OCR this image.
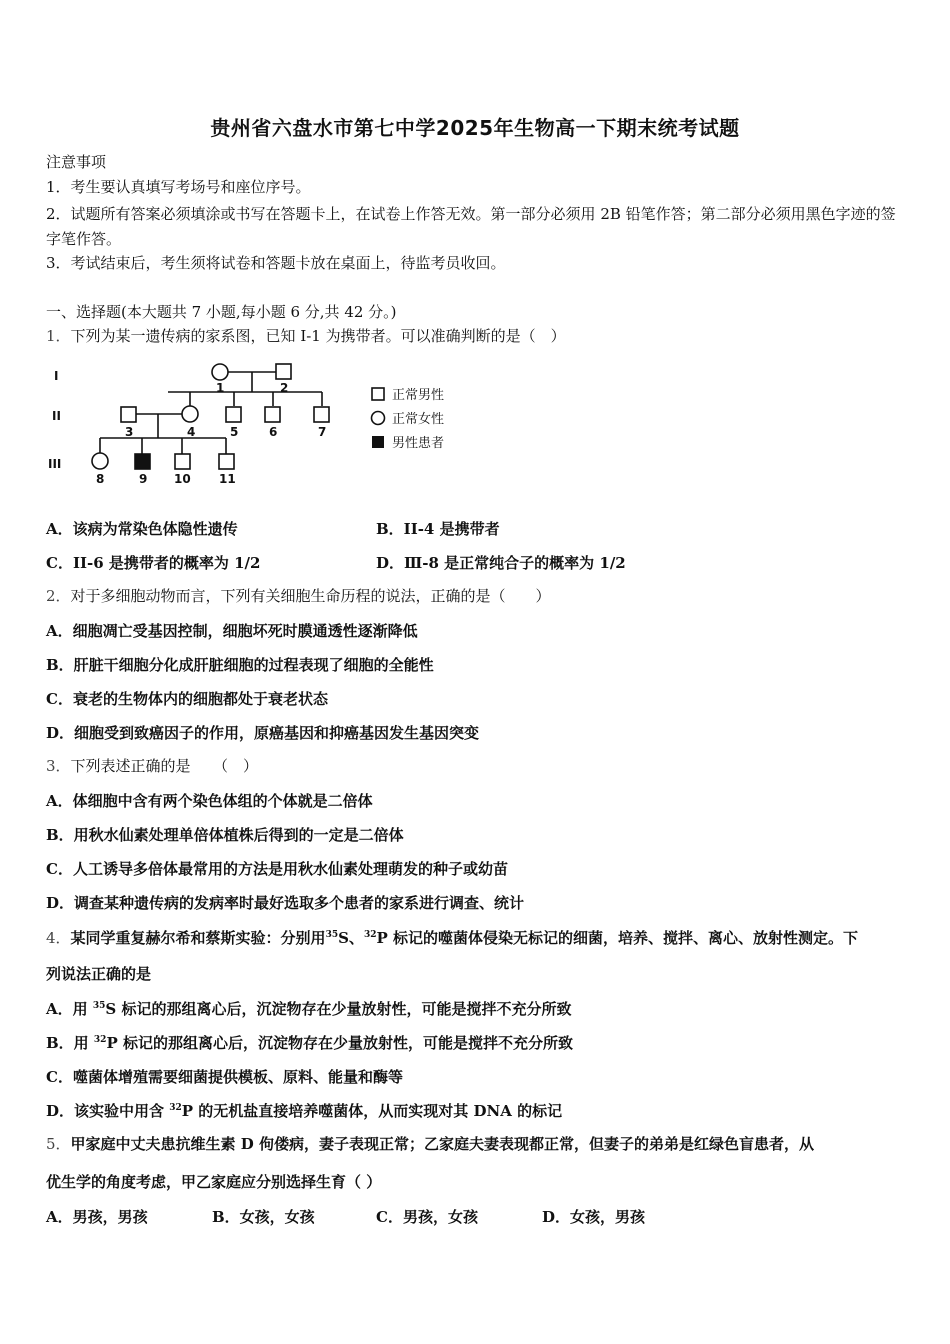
贵州省六盘水市第七中学2025年生物高一下期末统考试题
注意事项
1．考生要认真填写考场号和座位序号。
2．试题所有答案必须填涂或书写在答题卡上，在试卷上作答无效。第一部分必须用 2B 铅笔作答；第二部分必须用黑色字迹的签字笔作答。
3．考试结束后，考生须将试卷和答题卡放在桌面上，待监考员收回。
一、选择题(本大题共 7 小题,每小题 6 分,共 42 分。)
1．下列为某一遗传病的家系图，已知 I-1 为携带者。可以准确判断的是（　）
I
II
III
1	2
3	4	5	6	7
8	9 10 11
正常男性
正常女性
男性患者
A．该病为常染色体隐性遗传	B．II-4 是携带者
C．II-6 是携带者的概率为 1/2	D．Ⅲ-8 是正常纯合子的概率为 1/2
2．对于多细胞动物而言，下列有关细胞生命历程的说法，正确的是（　　）
A．细胞凋亡受基因控制，细胞坏死时膜通透性逐渐降低
B．肝脏干细胞分化成肝脏细胞的过程表现了细胞的全能性
C．衰老的生物体内的细胞都处于衰老状态
D．细胞受到致癌因子的作用，原癌基因和抑癌基因发生基因突变
3．下列表述正确的是　　（　）
A．体细胞中含有两个染色体组的个体就是二倍体
B．用秋水仙素处理单倍体植株后得到的一定是二倍体
C．人工诱导多倍体最常用的方法是用秋水仙素处理萌发的种子或幼苗
D．调查某种遗传病的发病率时最好选取多个患者的家系进行调查、统计
4．某同学重复赫尔希和蔡斯实验：分别用$^{35}$S、$^{32}$P 标记的噬菌体侵染无标记的细菌，培养、搅拌、离心、放射性测定。下
列说法正确的是
A．用 $^{35}$S 标记的那组离心后，沉淀物存在少量放射性，可能是搅拌不充分所致
B．用 $^{32}$P 标记的那组离心后，沉淀物存在少量放射性，可能是搅拌不充分所致
C．噬菌体增殖需要细菌提供模板、原料、能量和酶等
D．该实验中用含 $^{32}$P 的无机盐直接培养噬菌体，从而实现对其 DNA 的标记
5．甲家庭中丈夫患抗维生素 D 佝偻病，妻子表现正常；乙家庭夫妻表现都正常，但妻子的弟弟是红绿色盲患者，从
优生学的角度考虑，甲乙家庭应分别选择生育（ ）
A．男孩，男孩	B．女孩，女孩	C．男孩，女孩	D．女孩，男孩
